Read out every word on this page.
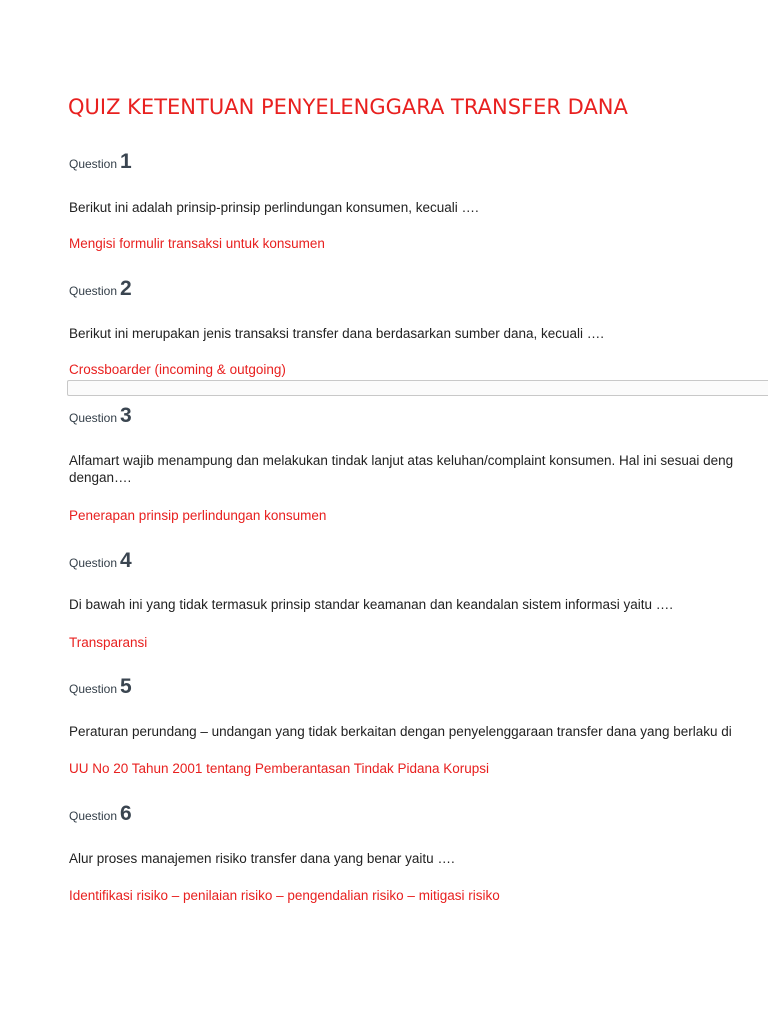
QUIZ KETENTUAN PENYELENGGARA TRANSFER DANA
Question 1
Berikut ini adalah prinsip-prinsip perlindungan konsumen, kecuali ….
Mengisi formulir transaksi untuk konsumen
Question 2
Berikut ini merupakan jenis transaksi transfer dana berdasarkan sumber dana, kecuali ….
Crossboarder (incoming & outgoing)
Question 3
Alfamart wajib menampung dan melakukan tindak lanjut atas keluhan/complaint konsumen. Hal ini sesuai deng dengan….
Penerapan prinsip perlindungan konsumen
Question 4
Di bawah ini yang tidak termasuk prinsip standar keamanan dan keandalan sistem informasi yaitu ….
Transparansi
Question 5
Peraturan perundang – undangan yang tidak berkaitan dengan penyelenggaraan transfer dana yang berlaku di
UU No 20 Tahun 2001 tentang Pemberantasan Tindak Pidana Korupsi
Question 6
Alur proses manajemen risiko transfer dana yang benar yaitu ….
Identifikasi risiko – penilaian risiko – pengendalian risiko – mitigasi risiko
